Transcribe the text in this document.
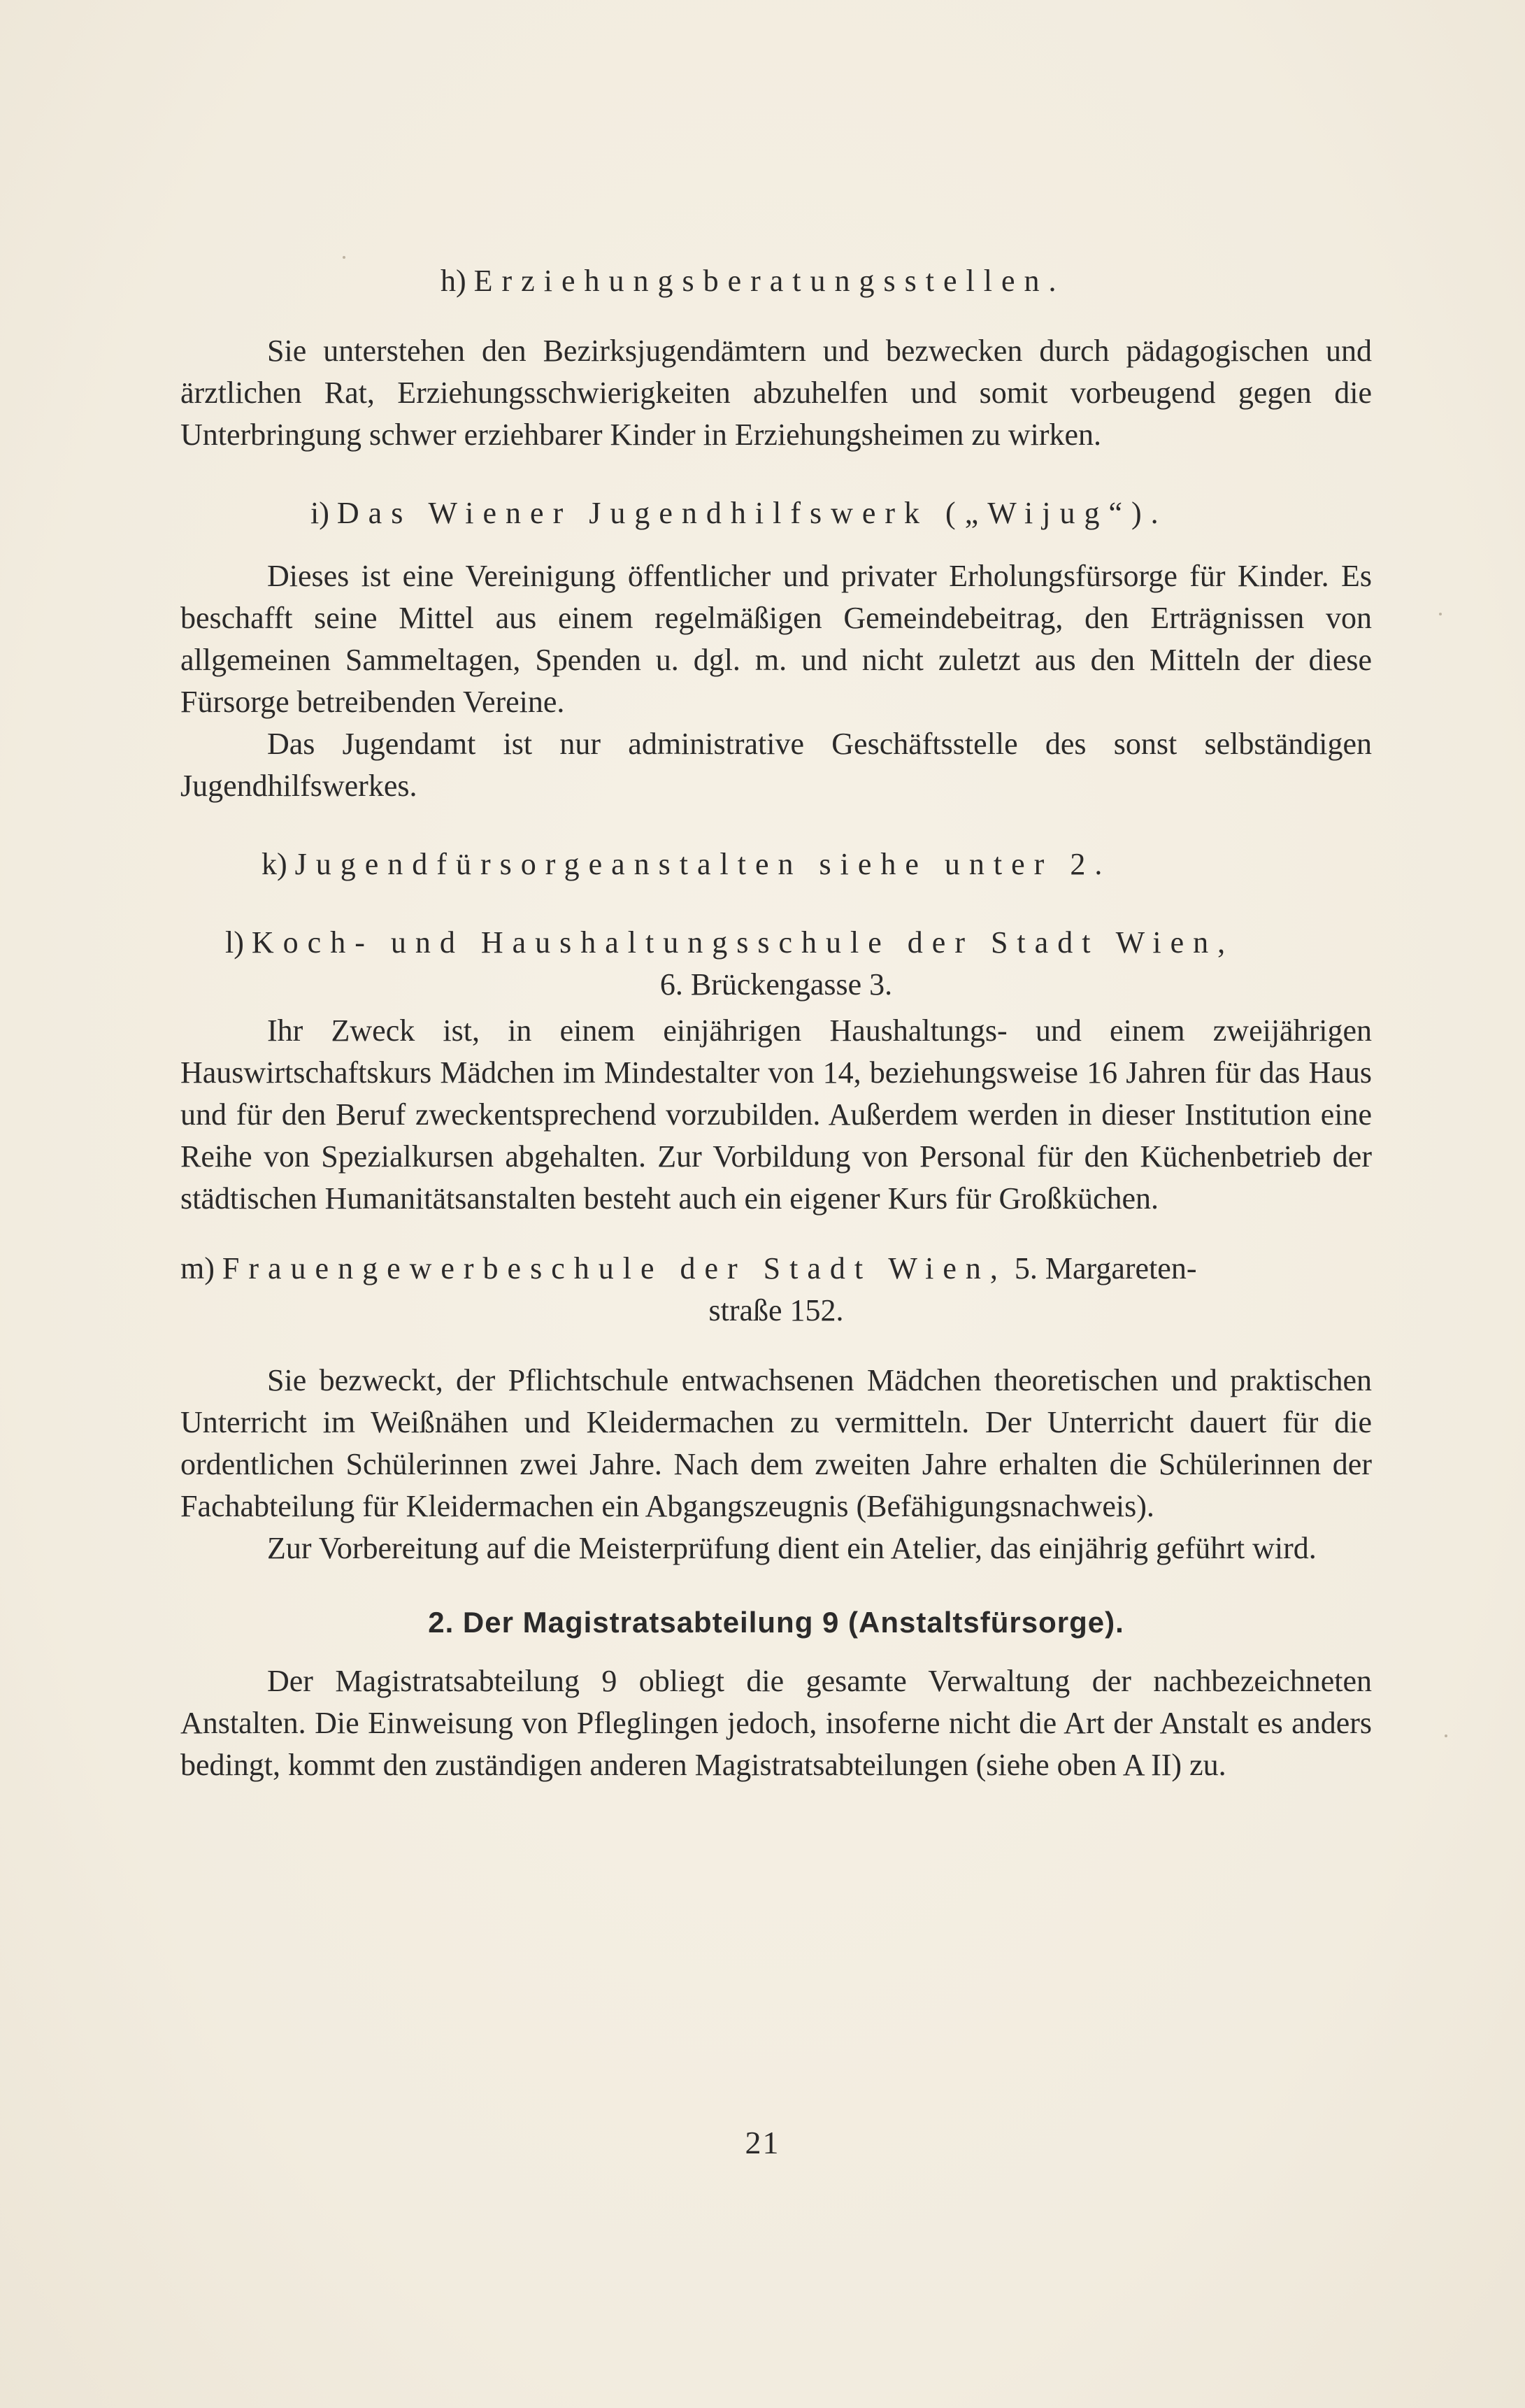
h) Erziehungsberatungsstellen.

Sie unterstehen den Bezirksjugendämtern und bezwecken durch pädagogischen und ärztlichen Rat, Erziehungsschwierigkeiten abzuhelfen und somit vorbeugend gegen die Unterbringung schwer erziehbarer Kinder in Erziehungsheimen zu wirken.

i) Das Wiener Jugendhilfswerk („Wijug“).

Dieses ist eine Vereinigung öffentlicher und privater Erholungsfürsorge für Kinder. Es beschafft seine Mittel aus einem regelmäßigen Gemeindebeitrag, den Erträgnissen von allgemeinen Sammeltagen, Spenden u. dgl. m. und nicht zuletzt aus den Mitteln der diese Fürsorge betreibenden Vereine.

Das Jugendamt ist nur administrative Geschäftsstelle des sonst selbständigen Jugendhilfswerkes.

k) Jugendfürsorgeanstalten siehe unter 2.
l) Koch- und Haushaltungsschule der Stadt Wien,
6. Brückengasse 3.

Ihr Zweck ist, in einem einjährigen Haushaltungs- und einem zweijährigen Hauswirtschaftskurs Mädchen im Mindestalter von 14, beziehungsweise 16 Jahren für das Haus und für den Beruf zweckentsprechend vorzubilden. Außerdem werden in dieser Institution eine Reihe von Spezialkursen abgehalten. Zur Vorbildung von Personal für den Küchenbetrieb der städtischen Humanitätsanstalten besteht auch ein eigener Kurs für Großküchen.

m) Frauengewerbeschule der Stadt Wien, 5. Margareten-
straße 152.

Sie bezweckt, der Pflichtschule entwachsenen Mädchen theoretischen und praktischen Unterricht im Weißnähen und Kleidermachen zu vermitteln. Der Unterricht dauert für die ordentlichen Schülerinnen zwei Jahre. Nach dem zweiten Jahre erhalten die Schülerinnen der Fachabteilung für Kleidermachen ein Abgangszeugnis (Befähigungsnachweis).

Zur Vorbereitung auf die Meisterprüfung dient ein Atelier, das einjährig geführt wird.

2. Der Magistratsabteilung 9 (Anstaltsfürsorge).

Der Magistratsabteilung 9 obliegt die gesamte Verwaltung der nachbezeichneten Anstalten. Die Einweisung von Pfleglingen jedoch, insoferne nicht die Art der Anstalt es anders bedingt, kommt den zuständigen anderen Magistratsabteilungen (siehe oben A II) zu.

21
